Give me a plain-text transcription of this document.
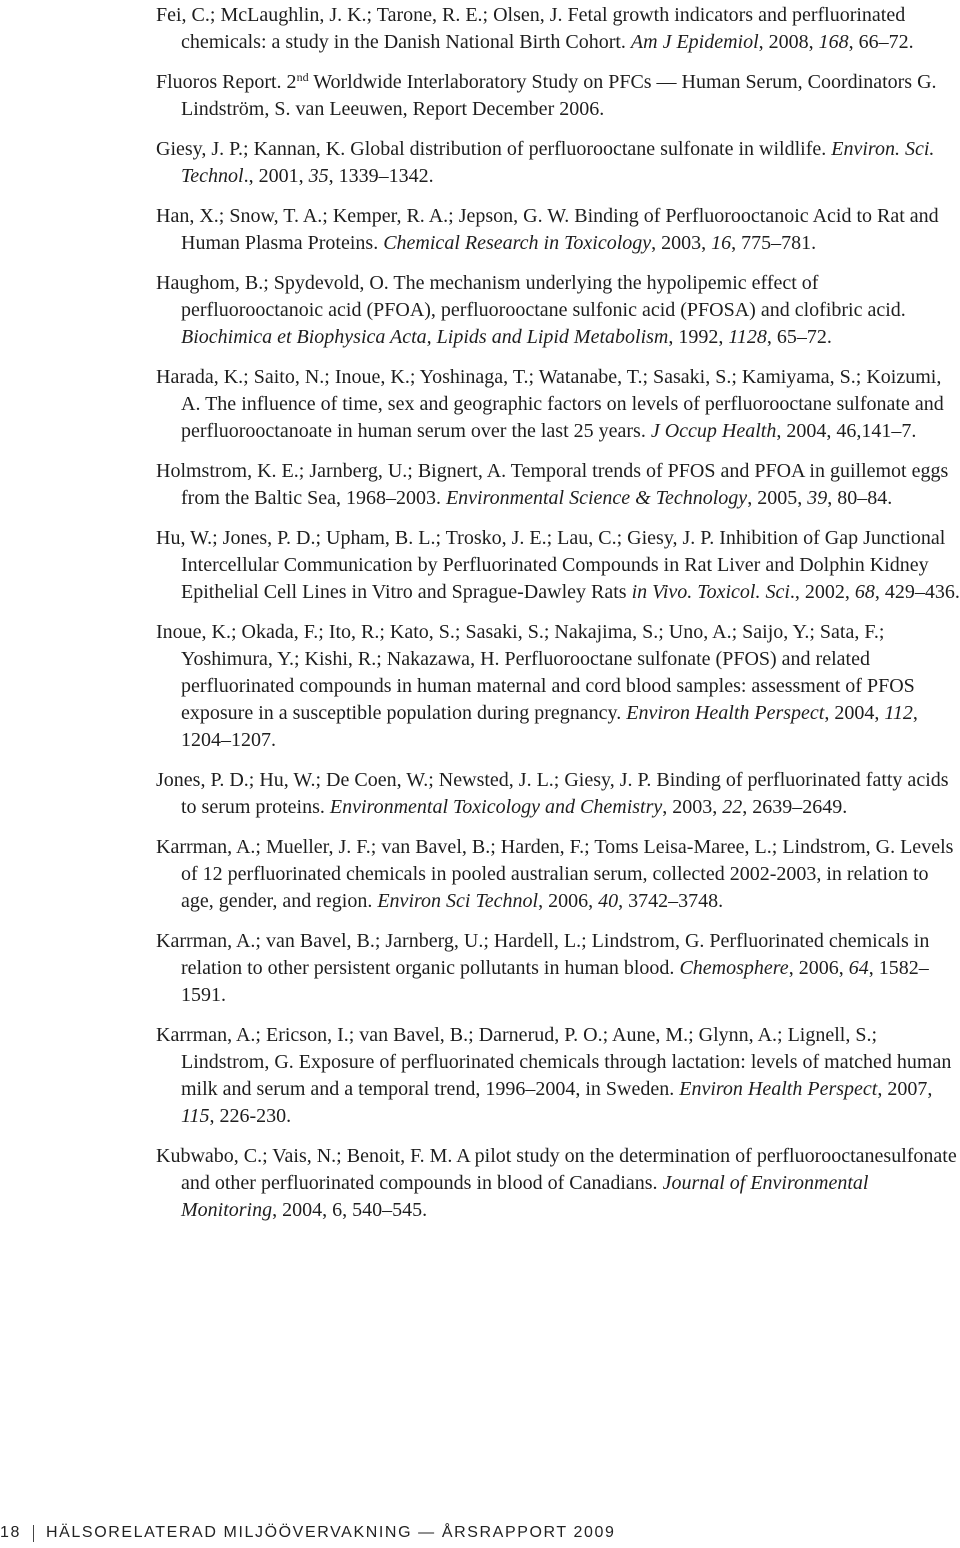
Fei, C.; McLaughlin, J. K.; Tarone, R. E.; Olsen, J. Fetal growth indicators and perfluorinated chemicals: a study in the Danish National Birth Cohort. Am J Epidemiol, 2008, 168, 66–72.

Fluoros Report. 2nd Worldwide Interlaboratory Study on PFCs — Human Serum, Coordinators G. Lindström, S. van Leeuwen, Report December 2006.

Giesy, J. P.; Kannan, K. Global distribution of perfluorooctane sulfonate in wildlife. Environ. Sci. Technol., 2001, 35, 1339–1342.

Han, X.; Snow, T. A.; Kemper, R. A.; Jepson, G. W. Binding of Perfluorooctanoic Acid to Rat and Human Plasma Proteins. Chemical Research in Toxicology, 2003, 16, 775–781.

Haughom, B.; Spydevold, O. The mechanism underlying the hypolipemic effect of perfluorooctanoic acid (PFOA), perfluorooctane sulfonic acid (PFOSA) and clofibric acid. Biochimica et Biophysica Acta, Lipids and Lipid Metabolism, 1992, 1128, 65–72.

Harada, K.; Saito, N.; Inoue, K.; Yoshinaga, T.; Watanabe, T.; Sasaki, S.; Kamiyama, S.; Koizumi, A. The influence of time, sex and geographic factors on levels of perfluorooctane sulfonate and perfluorooctanoate in human serum over the last 25 years. J Occup Health, 2004, 46,141–7.

Holmstrom, K. E.; Jarnberg, U.; Bignert, A. Temporal trends of PFOS and PFOA in guillemot eggs from the Baltic Sea, 1968–2003. Environmental Science & Technology, 2005, 39, 80–84.

Hu, W.; Jones, P. D.; Upham, B. L.; Trosko, J. E.; Lau, C.; Giesy, J. P. Inhibition of Gap Junctional Intercellular Communication by Perfluorinated Compounds in Rat Liver and Dolphin Kidney Epithelial Cell Lines in Vitro and Sprague-Dawley Rats in Vivo. Toxicol. Sci., 2002, 68, 429–436.

Inoue, K.; Okada, F.; Ito, R.; Kato, S.; Sasaki, S.; Nakajima, S.; Uno, A.; Saijo, Y.; Sata, F.; Yoshimura, Y.; Kishi, R.; Nakazawa, H. Perfluorooctane sulfonate (PFOS) and related perfluorinated compounds in human maternal and cord blood samples: assessment of PFOS exposure in a susceptible population during pregnancy. Environ Health Perspect, 2004, 112, 1204–1207.

Jones, P. D.; Hu, W.; De Coen, W.; Newsted, J. L.; Giesy, J. P. Binding of perfluorinated fatty acids to serum proteins. Environmental Toxicology and Chemistry, 2003, 22, 2639–2649.

Karrman, A.; Mueller, J. F.; van Bavel, B.; Harden, F.; Toms Leisa-Maree, L.; Lindstrom, G. Levels of 12 perfluorinated chemicals in pooled australian serum, collected 2002-2003, in relation to age, gender, and region. Environ Sci Technol, 2006, 40, 3742–3748.

Karrman, A.; van Bavel, B.; Jarnberg, U.; Hardell, L.; Lindstrom, G. Perfluorinated chemicals in relation to other persistent organic pollutants in human blood. Chemosphere, 2006, 64, 1582–1591.

Karrman, A.; Ericson, I.; van Bavel, B.; Darnerud, P. O.; Aune, M.; Glynn, A.; Lignell, S.; Lindstrom, G. Exposure of perfluorinated chemicals through lactation: levels of matched human milk and serum and a temporal trend, 1996–2004, in Sweden. Environ Health Perspect, 2007, 115, 226-230.

Kubwabo, C.; Vais, N.; Benoit, F. M. A pilot study on the determination of perfluorooctanesulfonate and other perfluorinated compounds in blood of Canadians. Journal of Environmental Monitoring, 2004, 6, 540–545.

18 HÄLSORELATERAD MILJÖÖVERVAKNING — ÅRSRAPPORT 2009
